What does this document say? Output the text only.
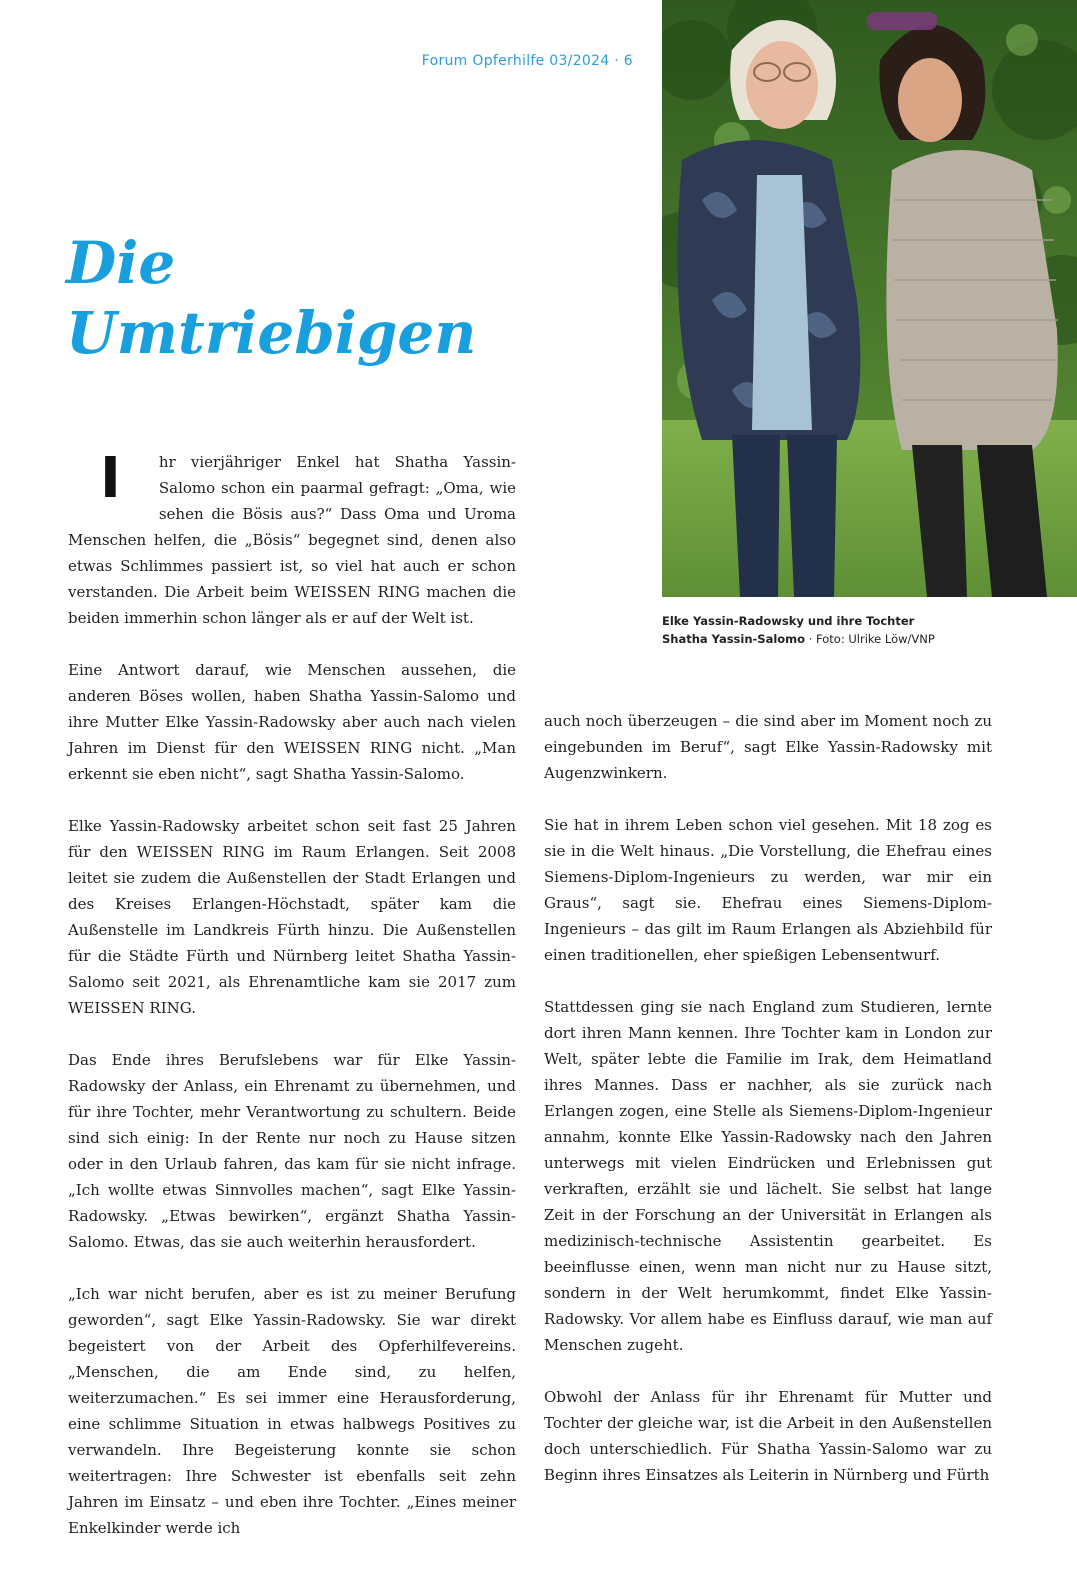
Forum Opferhilfe 03/2024 · 6
Die
Umtriebigen
Elke Yassin-Radowsky und ihre Tochter
Shatha Yassin-Salomo · Foto: Ulrike Löw/VNP

I	hr vierjähriger Enkel hat Shatha Yassin-Salomo schon ein paarmal gefragt: „Oma, wie sehen die Bösis aus?“ Dass Oma und Uroma Menschen helfen, die „Bösis“ begegnet sind, denen also etwas Schlimmes passiert ist, so viel hat auch er schon verstanden. Die Arbeit beim WEISSEN RING machen die beiden immerhin schon länger als er auf der Welt ist.

Eine Antwort darauf, wie Menschen aussehen, die anderen Böses wollen, haben Shatha Yassin-Salomo und ihre Mutter Elke Yassin-Radowsky aber auch nach vielen Jahren im Dienst für den WEISSEN RING nicht. „Man erkennt sie eben nicht“, sagt Shatha Yassin-Salomo.

Elke Yassin-Radowsky arbeitet schon seit fast 25 Jahren für den WEISSEN RING im Raum Erlangen. Seit 2008 leitet sie zudem die Außenstellen der Stadt Erlangen und des Kreises Erlangen-Höchstadt, später kam die Außenstelle im Landkreis Fürth hinzu. Die Außenstellen für die Städte Fürth und Nürnberg leitet Shatha Yassin-Salomo seit 2021, als Ehrenamtliche kam sie 2017 zum WEISSEN RING.

Das Ende ihres Berufslebens war für Elke Yassin-Radowsky der Anlass, ein Ehrenamt zu übernehmen, und für ihre Tochter, mehr Verantwortung zu schultern. Beide sind sich einig: In der Rente nur noch zu Hause sitzen oder in den Urlaub fahren, das kam für sie nicht infrage. „Ich wollte etwas Sinnvolles machen“, sagt Elke Yassin-Radowsky. „Etwas bewirken“, ergänzt Shatha Yassin-Salomo. Etwas, das sie auch weiterhin herausfordert.

„Ich war nicht berufen, aber es ist zu meiner Berufung geworden“, sagt Elke Yassin-Radowsky. Sie war direkt begeistert von der Arbeit des Opferhilfevereins. „Menschen, die am Ende sind, zu helfen, weiterzumachen.“ Es sei immer eine Herausforderung, eine schlimme Situation in etwas halbwegs Positives zu verwandeln. Ihre Begeisterung konnte sie schon weitertragen: Ihre Schwester ist ebenfalls seit zehn Jahren im Einsatz – und eben ihre Tochter. „Eines meiner Enkelkinder werde ich

auch noch überzeugen – die sind aber im Moment noch zu eingebunden im Beruf“, sagt Elke Yassin-Radowsky mit Augenzwinkern.

Sie hat in ihrem Leben schon viel gesehen. Mit 18 zog es sie in die Welt hinaus. „Die Vorstellung, die Ehefrau eines Siemens-Diplom-Ingenieurs zu werden, war mir ein Graus“, sagt sie. Ehefrau eines Siemens-Diplom-Ingenieurs – das gilt im Raum Erlangen als Abziehbild für einen traditionellen, eher spießigen Lebensentwurf.

Stattdessen ging sie nach England zum Studieren, lernte dort ihren Mann kennen. Ihre Tochter kam in London zur Welt, später lebte die Familie im Irak, dem Heimatland ihres Mannes. Dass er nachher, als sie zurück nach Erlangen zogen, eine Stelle als Siemens-Diplom-Ingenieur annahm, konnte Elke Yassin-Radowsky nach den Jahren unterwegs mit vielen Eindrücken und Erlebnissen gut verkraften, erzählt sie und lächelt. Sie selbst hat lange Zeit in der Forschung an der Universität in Erlangen als medizinisch-technische Assistentin gearbeitet. Es beeinflusse einen, wenn man nicht nur zu Hause sitzt, sondern in der Welt herumkommt, findet Elke Yassin-Radowsky. Vor allem habe es Einfluss darauf, wie man auf Menschen zugeht.

Obwohl der Anlass für ihr Ehrenamt für Mutter und Tochter der gleiche war, ist die Arbeit in den Außenstellen doch unterschiedlich. Für Shatha Yassin-Salomo war zu Beginn ihres Einsatzes als Leiterin in Nürnberg und Fürth
